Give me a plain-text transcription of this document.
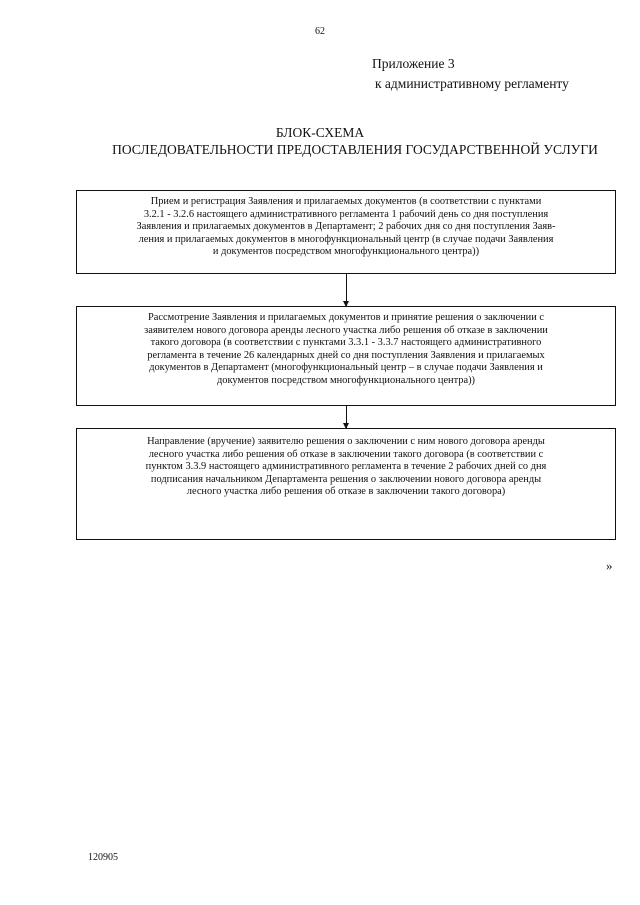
62
Приложение 3
к административному регламенту
БЛОК-СХЕМА
ПОСЛЕДОВАТЕЛЬНОСТИ ПРЕДОСТАВЛЕНИЯ ГОСУДАРСТВЕННОЙ УСЛУГИ
Прием и регистрация Заявления и прилагаемых документов (в соответствии с пунктами
3.2.1 - 3.2.6 настоящего административного регламента 1 рабочий день со дня поступления
Заявления и прилагаемых документов в Департамент; 2 рабочих дня со дня поступления Заяв-
ления и прилагаемых документов в многофункциональный центр (в случае подачи Заявления
и документов посредством многофункционального центра))
Рассмотрение Заявления и прилагаемых документов и принятие решения о заключении с
заявителем нового договора аренды лесного участка либо решения об отказе в заключении
такого договора (в соответствии с пунктами 3.3.1 - 3.3.7 настоящего административного
регламента в течение 26 календарных дней со дня поступления Заявления и прилагаемых
документов в Департамент (многофункциональный центр – в случае подачи Заявления и
документов посредством многофункционального центра))
Направление (вручение) заявителю решения о заключении с ним нового договора аренды
лесного участка либо решения об отказе в заключении такого договора (в соответствии с
пунктом 3.3.9 настоящего административного регламента в течение 2 рабочих дней со дня
подписания начальником Департамента решения о заключении нового договора аренды
лесного участка либо решения об отказе в заключении такого договора)
»
120905
